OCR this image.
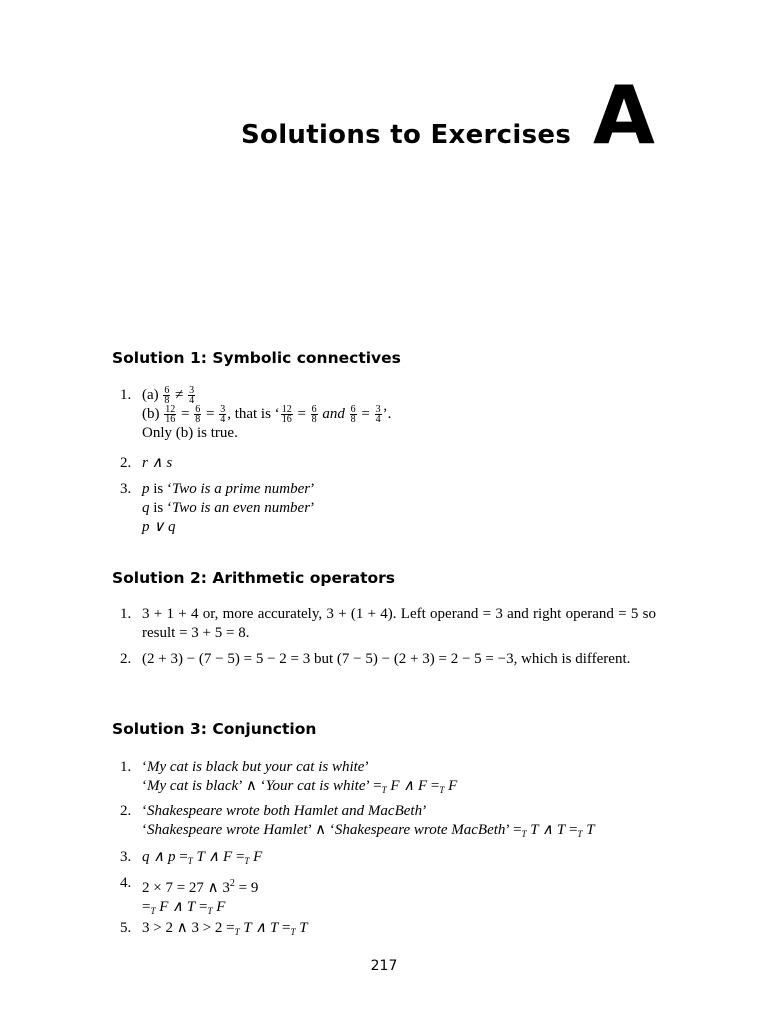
Solutions to Exercises A
Solution 1: Symbolic connectives
1. $(a) \frac{6}{8} \ne \frac{3}{4}$
$(b) \frac{12}{16} = \frac{6}{8} = \frac{3}{4}$ , that is ‘ $\frac{12}{16} = \frac{6}{8}$ and $\frac{6}{8} = \frac{3}{4}$ ’.
Only (b) is true.
2. r ∧ s
3. p is ‘Two is a prime number’
q is ‘Two is an even number’
p ∨ q
Solution 2: Arithmetic operators
1. 3 + 1 + 4 or, more accurately, 3 + (1 + 4). Left operand = 3 and right operand = 5 so result = 3 + 5 = 8.
2. (2 + 3) − (7 − 5) = 5 − 2 = 3 but (7 − 5) − (2 + 3) = 2 − 5 = −3, which is different.
Solution 3: Conjunction
1. ‘My cat is black but your cat is white’
‘My cat is black’ ∧ ‘Your cat is white’ $=_T$ F ∧ $F =_T$ F
2. ‘Shakespeare wrote both Hamlet and MacBeth’
‘Shakespeare wrote Hamlet’ ∧ ‘Shakespeare wrote MacBeth’ $=_T$ T ∧ $T =_T$ T
3. q ∧ $p =_T$ T ∧ $F =_T$ F
4. 2 × 7 = 27 ∧ $3^2 = 9$
$=_T$ F ∧ $T =_T$ F
5. 3 > 2 ∧ $3 > 2 =_T$ T ∧ $T =_T$ T
217
